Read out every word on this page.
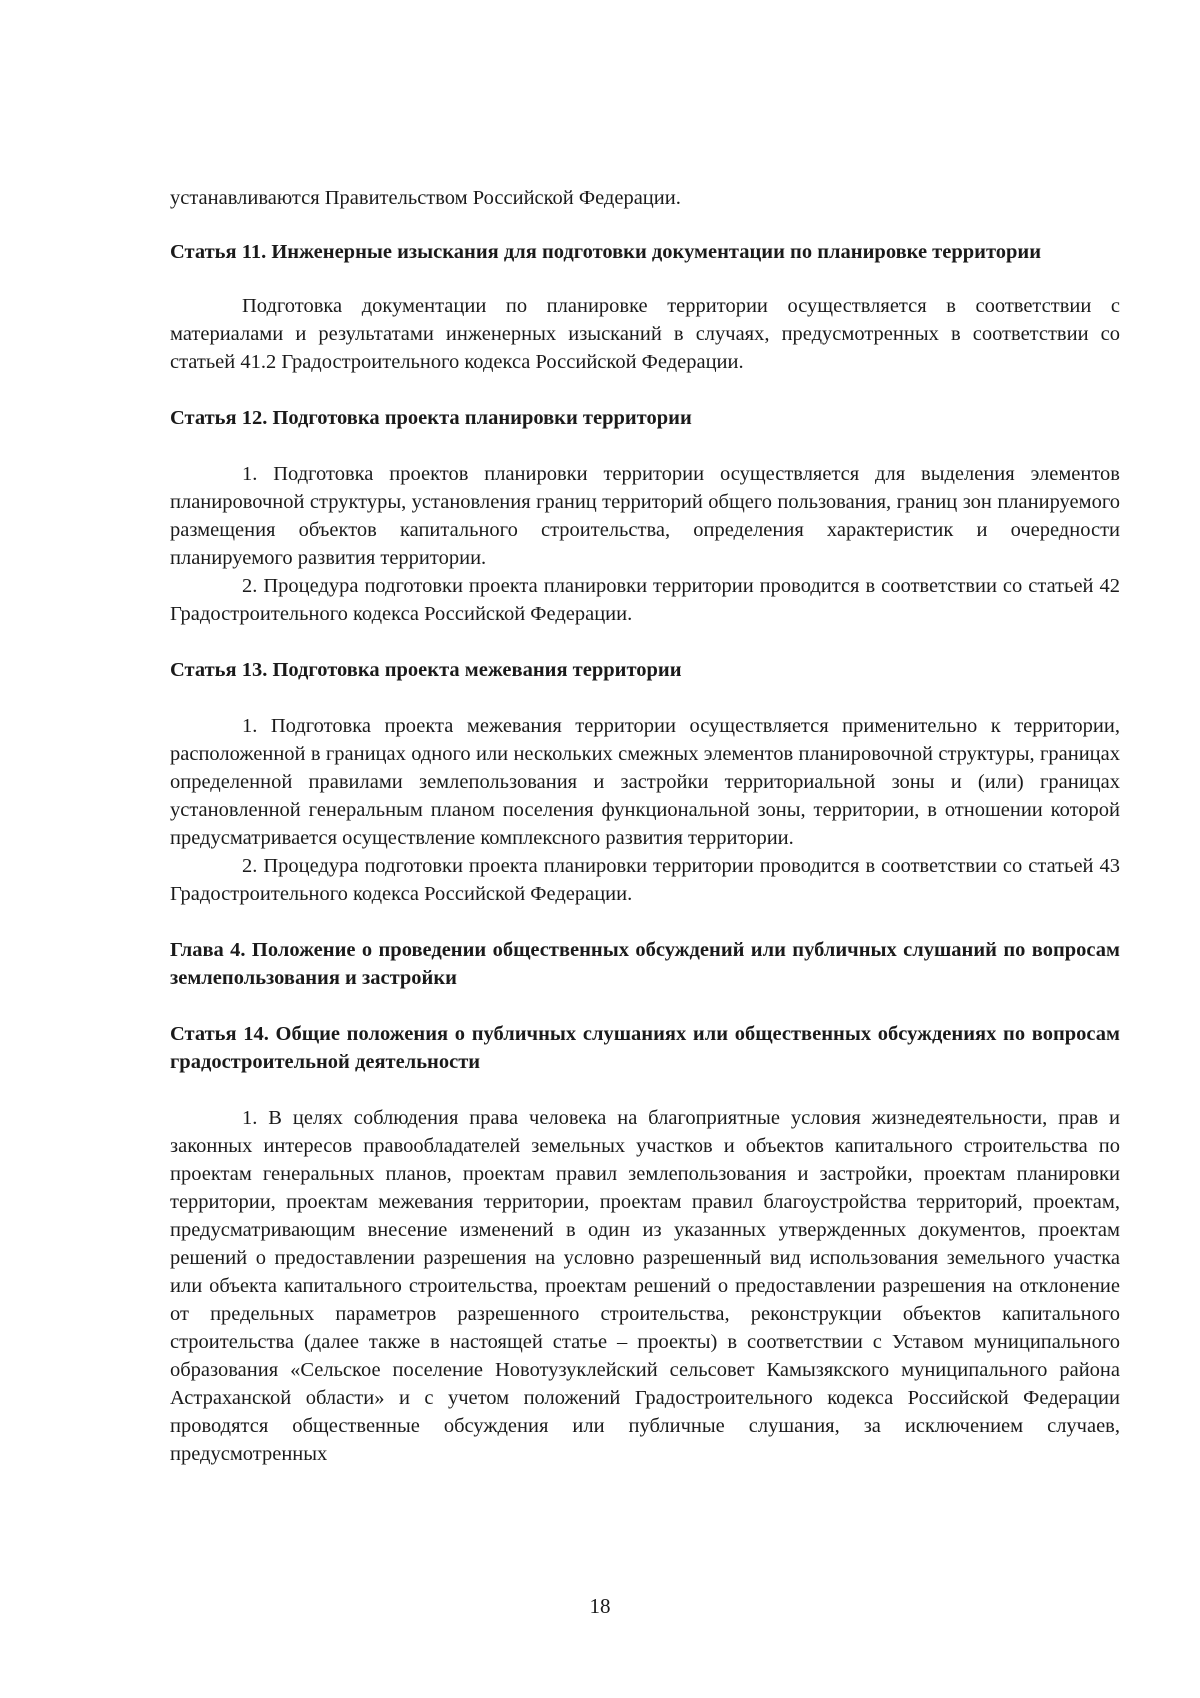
устанавливаются Правительством Российской Федерации.

Статья 11. Инженерные изыскания для подготовки документации по планировке территории

Подготовка документации по планировке территории осуществляется в соответствии с материалами и результатами инженерных изысканий в случаях, предусмотренных в соответствии со статьей 41.2 Градостроительного кодекса Российской Федерации.

Статья 12. Подготовка проекта планировки территории

1. Подготовка проектов планировки территории осуществляется для выделения элементов планировочной структуры, установления границ территорий общего пользования, границ зон планируемого размещения объектов капитального строительства, определения характеристик и очередности планируемого развития территории.

2. Процедура подготовки проекта планировки территории проводится в соответствии со статьей 42 Градостроительного кодекса Российской Федерации.

Статья 13. Подготовка проекта межевания территории

1. Подготовка проекта межевания территории осуществляется применительно к территории, расположенной в границах одного или нескольких смежных элементов планировочной структуры, границах определенной правилами землепользования и застройки территориальной зоны и (или) границах установленной генеральным планом поселения функциональной зоны, территории, в отношении которой предусматривается осуществление комплексного развития территории.

2. Процедура подготовки проекта планировки территории проводится в соответствии со статьей 43 Градостроительного кодекса Российской Федерации.

Глава 4. Положение о проведении общественных обсуждений или публичных слушаний по вопросам землепользования и застройки

Статья 14. Общие положения о публичных слушаниях или общественных обсуждениях по вопросам градостроительной деятельности

1. В целях соблюдения права человека на благоприятные условия жизнедеятельности, прав и законных интересов правообладателей земельных участков и объектов капитального строительства по проектам генеральных планов, проектам правил землепользования и застройки, проектам планировки территории, проектам межевания территории, проектам правил благоустройства территорий, проектам, предусматривающим внесение изменений в один из указанных утвержденных документов, проектам решений о предоставлении разрешения на условно разрешенный вид использования земельного участка или объекта капитального строительства, проектам решений о предоставлении разрешения на отклонение от предельных параметров разрешенного строительства, реконструкции объектов капитального строительства (далее также в настоящей статье – проекты) в соответствии с Уставом муниципального образования «Сельское поселение Новотузуклейский сельсовет Камызякского муниципального района Астраханской области» и с учетом положений Градостроительного кодекса Российской Федерации проводятся общественные обсуждения или публичные слушания, за исключением случаев, предусмотренных

18
